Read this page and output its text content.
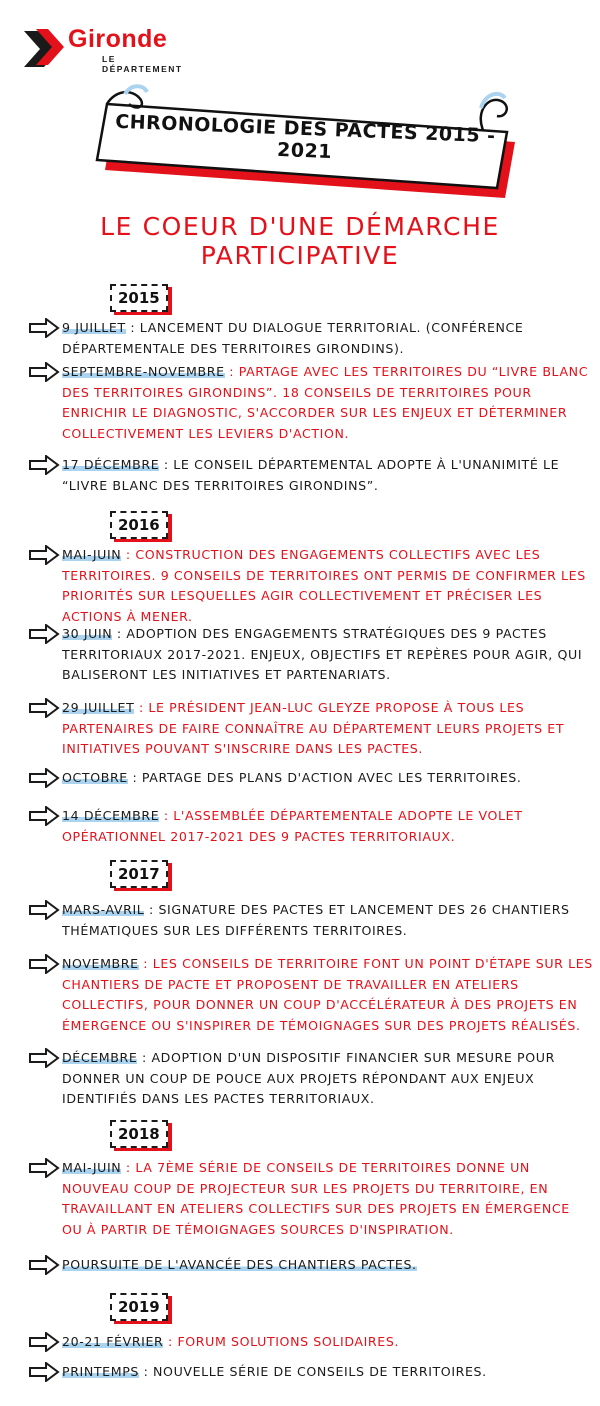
Gironde
LE DÉPARTEMENT
CHRONOLOGIE DES PACTES 2015 - 2021
LE COEUR D'UNE DÉMARCHE PARTICIPATIVE
2015
9 JUILLET : LANCEMENT DU DIALOGUE TERRITORIAL. (CONFÉRENCE DÉPARTEMENTALE DES TERRITOIRES GIRONDINS).
SEPTEMBRE-NOVEMBRE : PARTAGE AVEC LES TERRITOIRES DU “LIVRE BLANC DES TERRITOIRES GIRONDINS”. 18 CONSEILS DE TERRITOIRES POUR ENRICHIR LE DIAGNOSTIC, S'ACCORDER SUR LES ENJEUX ET DÉTERMINER COLLECTIVEMENT LES LEVIERS D'ACTION.
17 DÉCEMBRE : LE CONSEIL DÉPARTEMENTAL ADOPTE À L'UNANIMITÉ LE “LIVRE BLANC DES TERRITOIRES GIRONDINS”.
2016
MAI-JUIN : CONSTRUCTION DES ENGAGEMENTS COLLECTIFS AVEC LES TERRITOIRES. 9 CONSEILS DE TERRITOIRES ONT PERMIS DE CONFIRMER LES PRIORITÉS SUR LESQUELLES AGIR COLLECTIVEMENT ET PRÉCISER LES ACTIONS À MENER.
30 JUIN : ADOPTION DES ENGAGEMENTS STRATÉGIQUES DES 9 PACTES TERRITORIAUX 2017-2021. ENJEUX, OBJECTIFS ET REPÈRES POUR AGIR, QUI BALISERONT LES INITIATIVES ET PARTENARIATS.
29 JUILLET : LE PRÉSIDENT JEAN-LUC GLEYZE PROPOSE À TOUS LES PARTENAIRES DE FAIRE CONNAÎTRE AU DÉPARTEMENT LEURS PROJETS ET INITIATIVES POUVANT S'INSCRIRE DANS LES PACTES.
OCTOBRE : PARTAGE DES PLANS D'ACTION AVEC LES TERRITOIRES.
14 DÉCEMBRE : L'ASSEMBLÉE DÉPARTEMENTALE ADOPTE LE VOLET OPÉRATIONNEL 2017-2021 DES 9 PACTES TERRITORIAUX.
2017
MARS-AVRIL : SIGNATURE DES PACTES ET LANCEMENT DES 26 CHANTIERS THÉMATIQUES SUR LES DIFFÉRENTS TERRITOIRES.
NOVEMBRE : LES CONSEILS DE TERRITOIRE FONT UN POINT D'ÉTAPE SUR LES CHANTIERS DE PACTE ET PROPOSENT DE TRAVAILLER EN ATELIERS COLLECTIFS, POUR DONNER UN COUP D'ACCÉLÉRATEUR À DES PROJETS EN ÉMERGENCE OU S'INSPIRER DE TÉMOIGNAGES SUR DES PROJETS RÉALISÉS.
DÉCEMBRE : ADOPTION D'UN DISPOSITIF FINANCIER SUR MESURE POUR DONNER UN COUP DE POUCE AUX PROJETS RÉPONDANT AUX ENJEUX IDENTIFIÉS DANS LES PACTES TERRITORIAUX.
2018
MAI-JUIN : LA 7ÈME SÉRIE DE CONSEILS DE TERRITOIRES DONNE UN NOUVEAU COUP DE PROJECTEUR SUR LES PROJETS DU TERRITOIRE, EN TRAVAILLANT EN ATELIERS COLLECTIFS SUR DES PROJETS EN ÉMERGENCE OU À PARTIR DE TÉMOIGNAGES SOURCES D'INSPIRATION.
POURSUITE DE L'AVANCÉE DES CHANTIERS PACTES.
2019
20-21 FÉVRIER : FORUM SOLUTIONS SOLIDAIRES.
PRINTEMPS : NOUVELLE SÉRIE DE CONSEILS DE TERRITOIRES.
